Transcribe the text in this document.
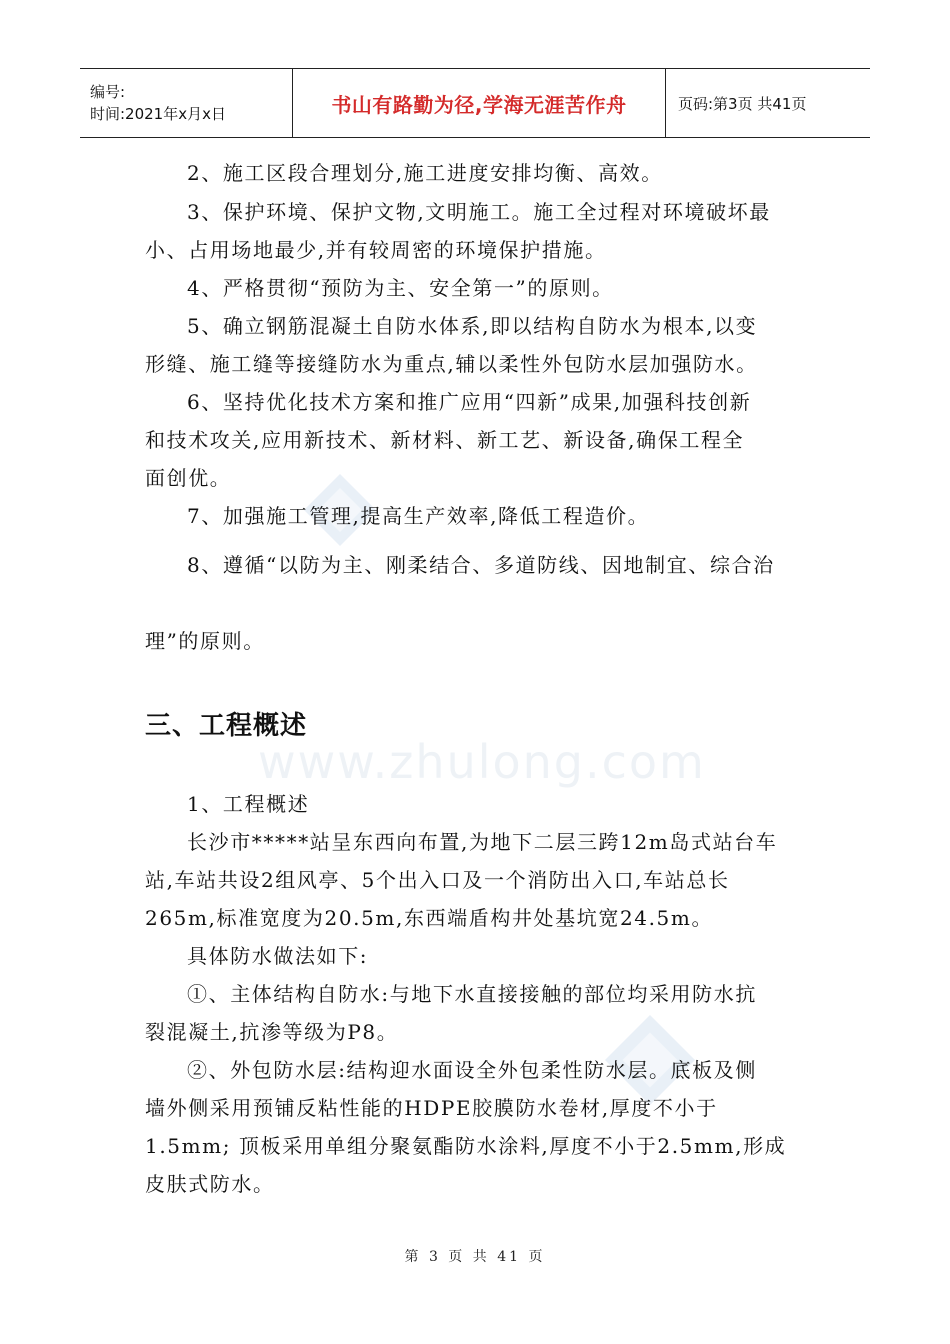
www.zhulong.com
编号:
时间:2021年x月x日	书山有路勤为径,学海无涯苦作舟	页码:第3页 共41页
2、施工区段合理划分,施工进度安排均衡、高效。
3、保护环境、保护文物,文明施工。施工全过程对环境破坏最
小、占用场地最少,并有较周密的环境保护措施。
4、严格贯彻“预防为主、安全第一”的原则。
5、确立钢筋混凝土自防水体系,即以结构自防水为根本,以变
形缝、施工缝等接缝防水为重点,辅以柔性外包防水层加强防水。
6、坚持优化技术方案和推广应用“四新”成果,加强科技创新
和技术攻关,应用新技术、新材料、新工艺、新设备,确保工程全
面创优。
7、加强施工管理,提高生产效率,降低工程造价。
8、遵循“以防为主、刚柔结合、多道防线、因地制宜、综合治
理”的原则。
三、工程概述
1、工程概述
长沙市*****站呈东西向布置,为地下二层三跨12m岛式站台车
站,车站共设2组风亭、5个出入口及一个消防出入口,车站总长
265m,标准宽度为20.5m,东西端盾构井处基坑宽24.5m。
具体防水做法如下:
①、主体结构自防水:与地下水直接接触的部位均采用防水抗
裂混凝土,抗渗等级为P8。
②、外包防水层:结构迎水面设全外包柔性防水层。底板及侧
墙外侧采用预铺反粘性能的HDPE胶膜防水卷材,厚度不小于
1.5mm; 顶板采用单组分聚氨酯防水涂料,厚度不小于2.5mm,形成
皮肤式防水。
第 3 页 共 41 页
